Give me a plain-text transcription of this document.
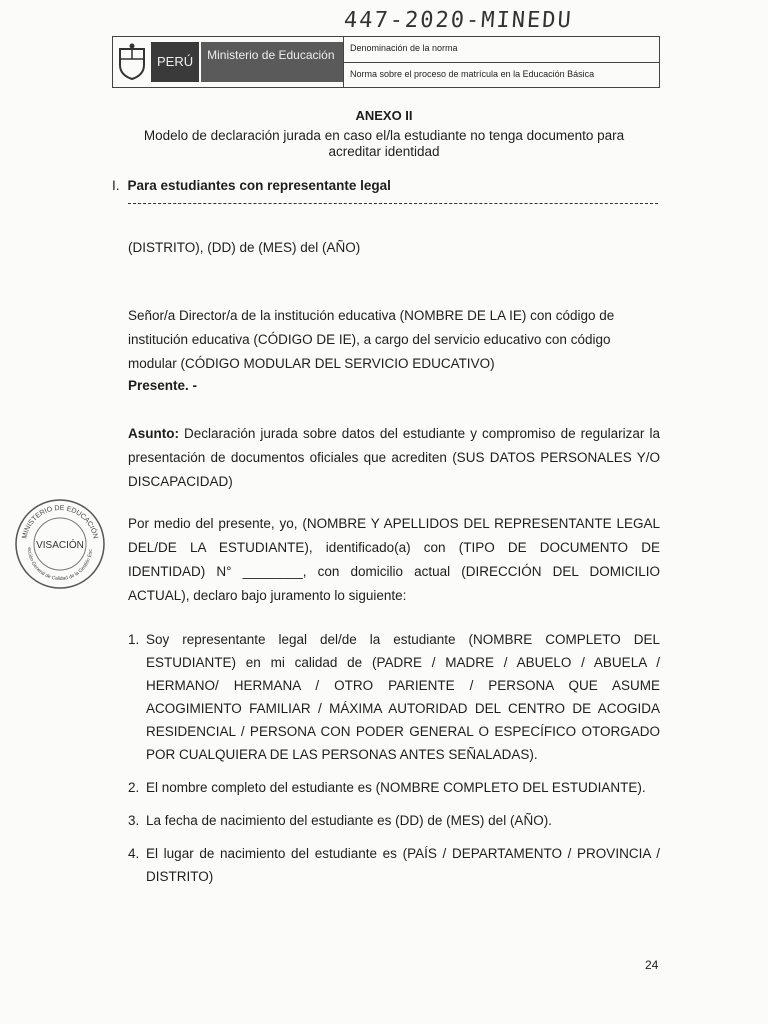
447-2020-MINEDU
PERÚ	Ministerio de Educación	Denominación de la norma
Norma sobre el proceso de matrícula en la Educación Básica
ANEXO II
Modelo de declaración jurada en caso el/la estudiante no tenga documento para acreditar identidad
I. Para estudiantes con representante legal
(DISTRITO), (DD) de (MES) del (AÑO)
Señor/a Director/a de la institución educativa (NOMBRE DE LA IE) con código de institución educativa (CÓDIGO DE IE), a cargo del servicio educativo con código modular (CÓDIGO MODULAR DEL SERVICIO EDUCATIVO)
Presente. -
Asunto: Declaración jurada sobre datos del estudiante y compromiso de regularizar la presentación de documentos oficiales que acrediten (SUS DATOS PERSONALES Y/O DISCAPACIDAD)
Por medio del presente, yo, (NOMBRE Y APELLIDOS DEL REPRESENTANTE LEGAL DEL/DE LA ESTUDIANTE), identificado(a) con (TIPO DE DOCUMENTO DE IDENTIDAD) N° ________, con domicilio actual (DIRECCIÓN DEL DOMICILIO ACTUAL), declaro bajo juramento lo siguiente:
1. Soy representante legal del/de la estudiante (NOMBRE COMPLETO DEL ESTUDIANTE) en mi calidad de (PADRE / MADRE / ABUELO / ABUELA / HERMANO/ HERMANA / OTRO PARIENTE / PERSONA QUE ASUME ACOGIMIENTO FAMILIAR / MÁXIMA AUTORIDAD DEL CENTRO DE ACOGIDA RESIDENCIAL / PERSONA CON PODER GENERAL O ESPECÍFICO OTORGADO POR CUALQUIERA DE LAS PERSONAS ANTES SEÑALADAS).
2. El nombre completo del estudiante es (NOMBRE COMPLETO DEL ESTUDIANTE).
3. La fecha de nacimiento del estudiante es (DD) de (MES) del (AÑO).
4. El lugar de nacimiento del estudiante es (PAÍS / DEPARTAMENTO / PROVINCIA / DISTRITO)
MINISTERIO DE EDUCACIÓN
ección General de Calidad de la Gestión Esc
VISACIÓN
24
